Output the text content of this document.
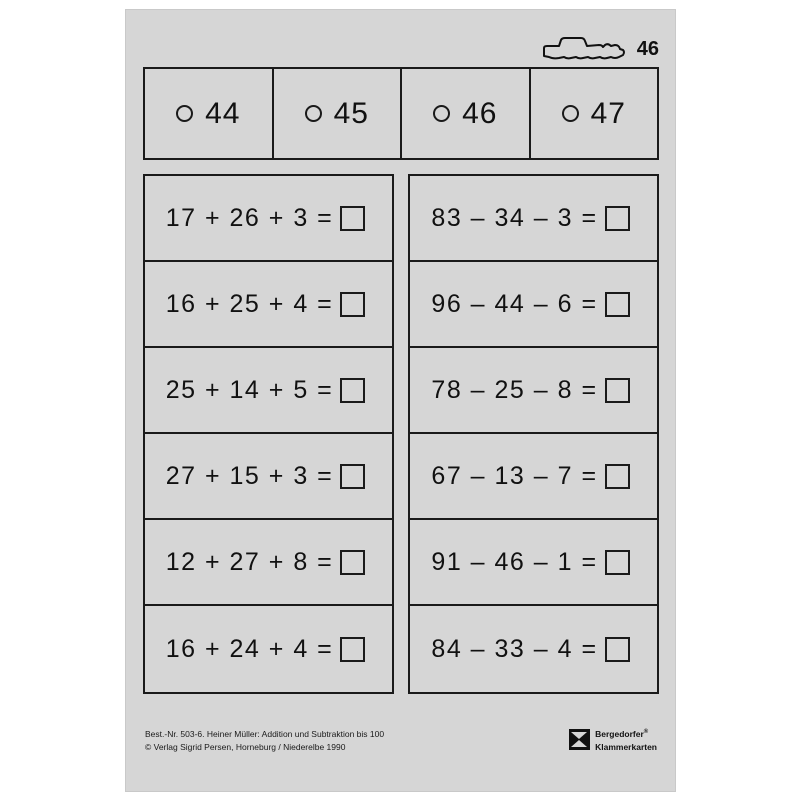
46
44	45	46	47
17 + 26 + 3 =
16 + 25 + 4 =
25 + 14 + 5 =
27 + 15 + 3 =
12 + 27 + 8 =
16 + 24 + 4 =
83 – 34 – 3 =
96 – 44 – 6 =
78 – 25 – 8 =
67 – 13 – 7 =
91 – 46 – 1 =
84 – 33 – 4 =
Best.-Nr. 503-6. Heiner Müller: Addition und Subtraktion bis 100
© Verlag Sigrid Persen, Horneburg / Niederelbe 1990
Bergedorfer®
Klammerkarten
